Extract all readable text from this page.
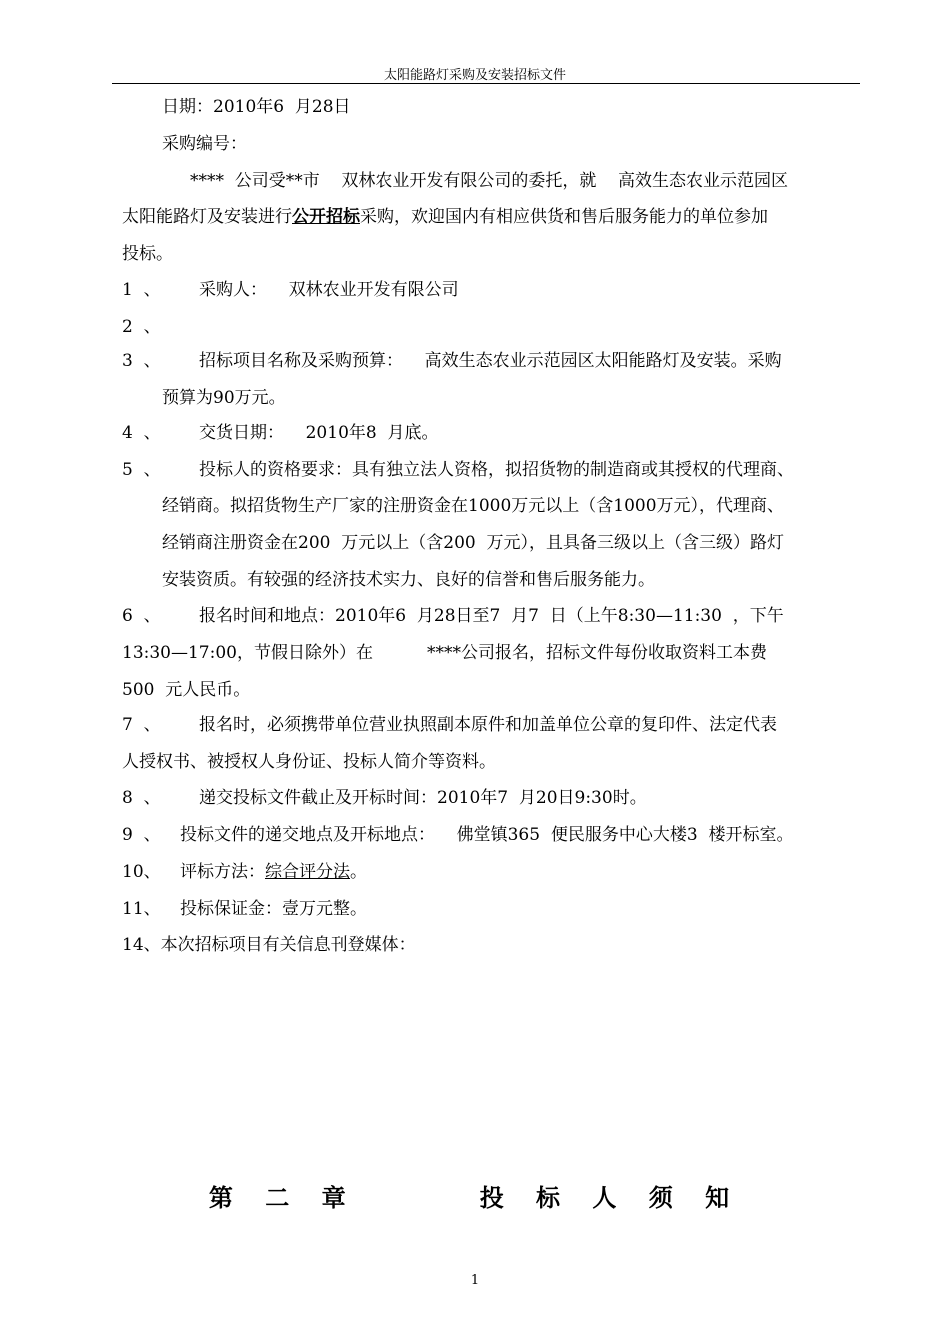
太阳能路灯采购及安装招标文件
日期：2010年6  月28日
采购编号：
****  公司受**市    双林农业开发有限公司的委托，就    高效生态农业示范园区
太阳能路灯及安装进行公开招标采购，欢迎国内有相应供货和售后服务能力的单位参加
投标。
1  、 采购人：    双林农业开发有限公司
2  、
3  、 招标项目名称及采购预算：    高效生态农业示范园区太阳能路灯及安装。采购
预算为90万元。
4  、 交货日期：    2010年8  月底。
5  、 投标人的资格要求：具有独立法人资格，拟招货物的制造商或其授权的代理商、
经销商。拟招货物生产厂家的注册资金在1000万元以上（含1000万元），代理商、
经销商注册资金在200  万元以上（含200  万元），且具备三级以上（含三级）路灯
安装资质。有较强的经济技术实力、良好的信誉和售后服务能力。
6  、 报名时间和地点：2010年6  月28日至7  月7  日（上午8:30—11:30  ，下午
13:30—17:00，节假日除外）在          ****公司报名，招标文件每份收取资料工本费
500  元人民币。
7  、 报名时，必须携带单位营业执照副本原件和加盖单位公章的复印件、法定代表
人授权书、被授权人身份证、投标人简介等资料。
8  、 递交投标文件截止及开标时间：2010年7  月20日9:30时。
9  、 投标文件的递交地点及开标地点：    佛堂镇365  便民服务中心大楼3  楼开标室。
10、 评标方法：综合评分法。
11、 投标保证金：壹万元整。
14、本次招标项目有关信息刊登媒体：
第 二 章      投 标 人 须 知
1
